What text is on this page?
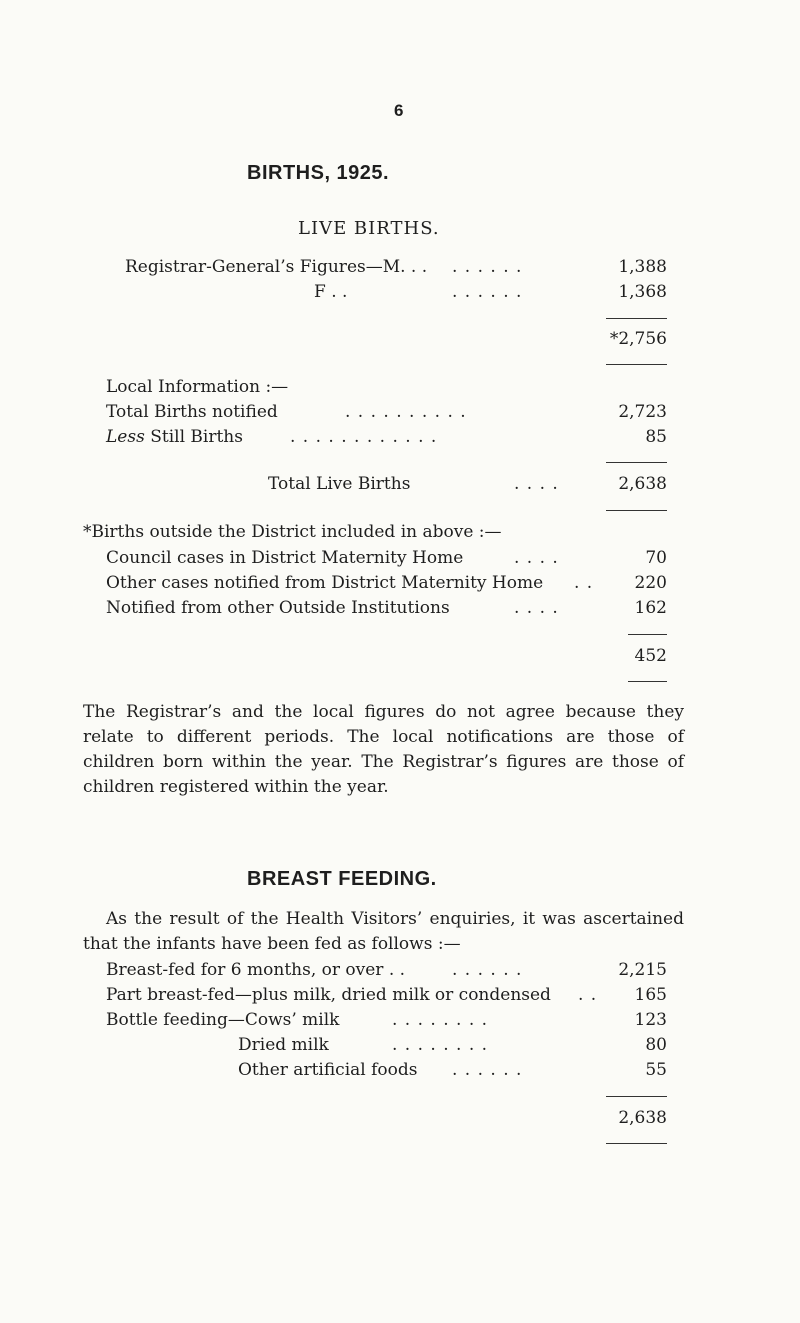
6
BIRTHS, 1925.
LIVE BIRTHS.
Registrar-General’s Figures—M. . . . . . . . .	1,388
F . .	. . . . . .	1,368
*2,756
Local Information :—
Total Births notified	. . . . . . . . . .	2,723
Less Still Births	. . . . . . . . . . . .	85
Total Live Births	. . . .	2,638
*Births outside the District included in above :—
Council cases in District Maternity Home	. . . .	70
Other cases notified from District Maternity Home . .	220
Notified from other Outside Institutions	. . . .	162
452
The Registrar’s and the local figures do not agree because they relate to different periods. The local notifications are those of children born within the year. The Registrar’s figures are those of children registered within the year.
BREAST FEEDING.
As the result of the Health Visitors’ enquiries, it was ascertained that the infants have been fed as follows :—
Breast-fed for 6 months, or over . .	. . . . . .	2,215
Part breast-fed—plus milk, dried milk or condensed . .	165
Bottle feeding—Cows’ milk	. . . . . . . .	123
Dried milk	. . . . . . . .	80
Other artificial foods . . . . . .	55
2,638
